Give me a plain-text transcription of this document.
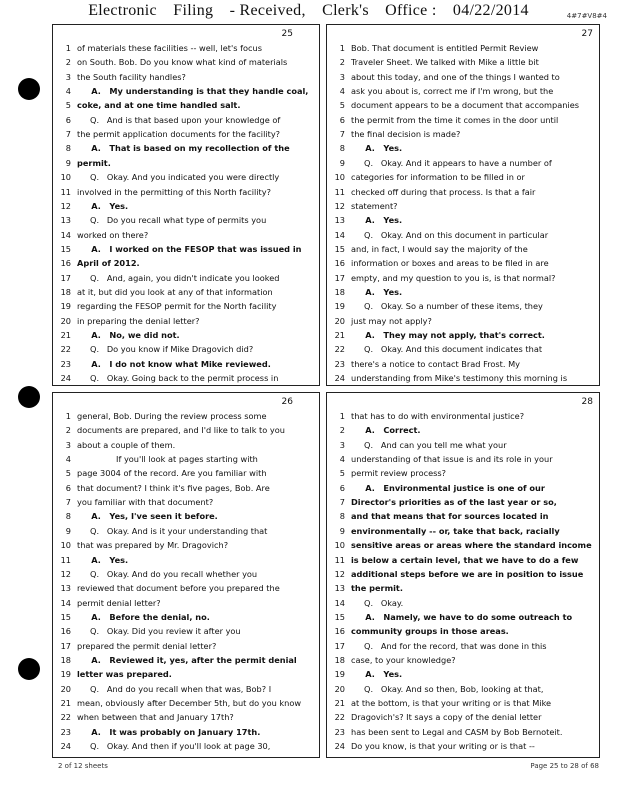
Electronic Filing - Received, Clerk's Office : 04/22/2014	4#7#V8#4
25
1 of materials these facilities -- well, let's focus
2 on South. Bob. Do you know what kind of materials
3 the South facility handles?
4 A.   My understanding is that they handle coal,
5 coke, and at one time handled salt.
6 Q.   And is that based upon your knowledge of
7 the permit application documents for the facility?
8 A.   That is based on my recollection of the
9 permit.
10 Q.   Okay. And you indicated you were directly
11 involved in the permitting of this North facility?
12 A.   Yes.
13 Q.   Do you recall what type of permits you
14 worked on there?
15 A.   I worked on the FESOP that was issued in
16 April of 2012.
17 Q.   And, again, you didn't indicate you looked
18 at it, but did you look at any of that information
19 regarding the FESOP permit for the North facility
20 in preparing the denial letter?
21 A.   No, we did not.
22 Q.   Do you know if Mike Dragovich did?
23 A.   I do not know what Mike reviewed.
24 Q.   Okay. Going back to the permit process in
27
1 Bob. That document is entitled Permit Review
2 Traveler Sheet. We talked with Mike a little bit
3 about this today, and one of the things I wanted to
4 ask you about is, correct me if I'm wrong, but the
5 document appears to be a document that accompanies
6 the permit from the time it comes in the door until
7 the final decision is made?
8 A.   Yes.
9 Q.   Okay. And it appears to have a number of
10 categories for information to be filled in or
11 checked off during that process. Is that a fair
12 statement?
13 A.   Yes.
14 Q.   Okay. And on this document in particular
15 and, in fact, I would say the majority of the
16 information or boxes and areas to be filed in are
17 empty, and my question to you is, is that normal?
18 A.   Yes.
19 Q.   Okay. So a number of these items, they
20 just may not apply?
21 A.   They may not apply, that's correct.
22 Q.   Okay. And this document indicates that
23 there's a notice to contact Brad Frost. My
24 understanding from Mike's testimony this morning is
26
1 general, Bob. During the review process some
2 documents are prepared, and I'd like to talk to you
3 about a couple of them.
4 If you'll look at pages starting with
5 page 3004 of the record. Are you familiar with
6 that document? I think it's five pages, Bob. Are
7 you familiar with that document?
8 A.   Yes, I've seen it before.
9 Q.   Okay. And is it your understanding that
10 that was prepared by Mr. Dragovich?
11 A.   Yes.
12 Q.   Okay. And do you recall whether you
13 reviewed that document before you prepared the
14 permit denial letter?
15 A.   Before the denial, no.
16 Q.   Okay. Did you review it after you
17 prepared the permit denial letter?
18 A.   Reviewed it, yes, after the permit denial
19 letter was prepared.
20 Q.   And do you recall when that was, Bob? I
21 mean, obviously after December 5th, but do you know
22 when between that and January 17th?
23 A.   It was probably on January 17th.
24 Q.   Okay. And then if you'll look at page 30,
28
1 that has to do with environmental justice?
2 A.   Correct.
3 Q.   And can you tell me what your
4 understanding of that issue is and its role in your
5 permit review process?
6 A.   Environmental justice is one of our
7 Director's priorities as of the last year or so,
8 and that means that for sources located in
9 environmentally -- or, take that back, racially
10 sensitive areas or areas where the standard income
11 is below a certain level, that we have to do a few
12 additional steps before we are in position to issue
13 the permit.
14 Q.   Okay.
15 A.   Namely, we have to do some outreach to
16 community groups in those areas.
17 Q.   And for the record, that was done in this
18 case, to your knowledge?
19 A.   Yes.
20 Q.   Okay. And so then, Bob, looking at that,
21 at the bottom, is that your writing or is that Mike
22 Dragovich's? It says a copy of the denial letter
23 has been sent to Legal and CASM by Bob Bernoteit.
24 Do you know, is that your writing or is that --
2 of 12 sheets	Page 25 to 28 of 68
